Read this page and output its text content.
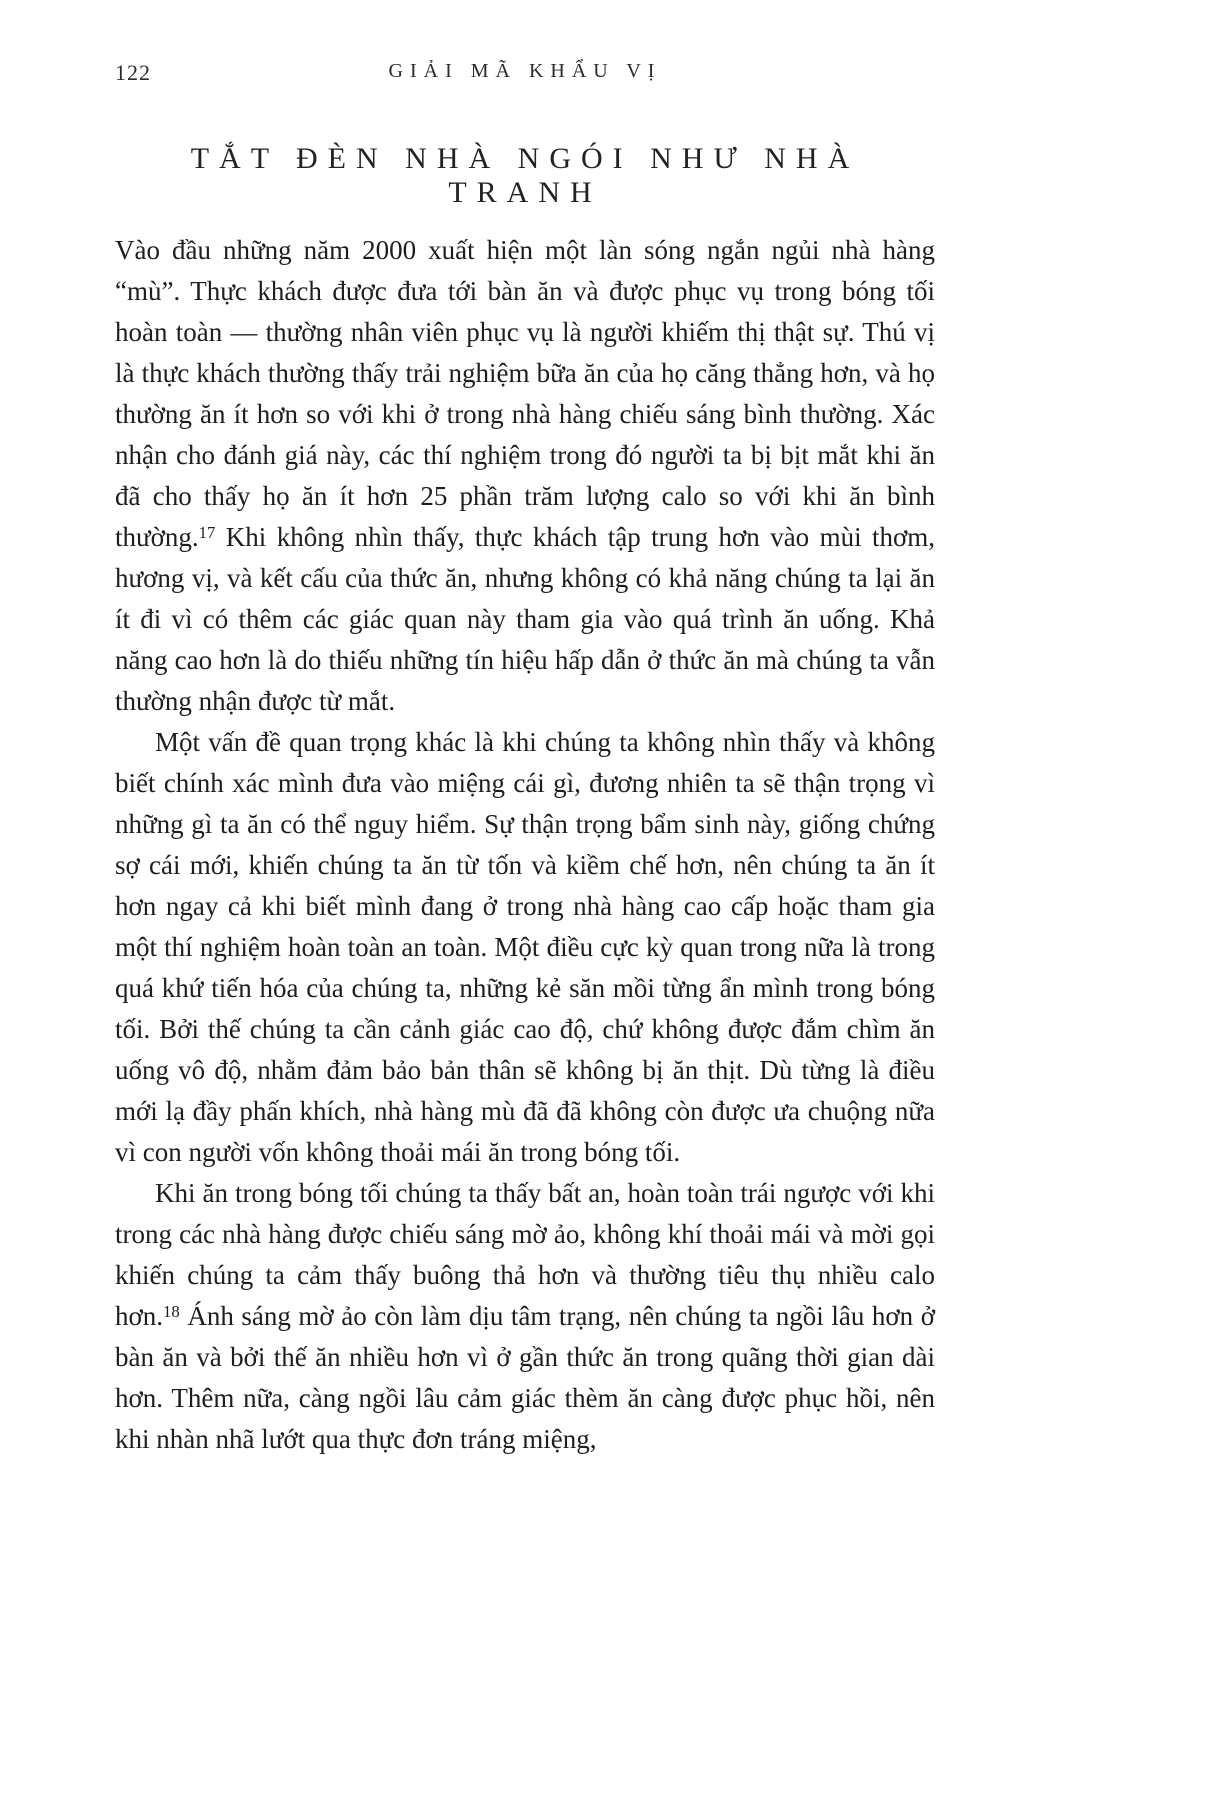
122	GIẢI MÃ KHẨU VỊ
TẮT ĐÈN NHÀ NGÓI NHƯ NHÀ TRANH

Vào đầu những năm 2000 xuất hiện một làn sóng ngắn ngủi nhà hàng “mù”. Thực khách được đưa tới bàn ăn và được phục vụ trong bóng tối hoàn toàn — thường nhân viên phục vụ là người khiếm thị thật sự. Thú vị là thực khách thường thấy trải nghiệm bữa ăn của họ căng thẳng hơn, và họ thường ăn ít hơn so với khi ở trong nhà hàng chiếu sáng bình thường. Xác nhận cho đánh giá này, các thí nghiệm trong đó người ta bị bịt mắt khi ăn đã cho thấy họ ăn ít hơn 25 phần trăm lượng calo so với khi ăn bình thường.$^{17}$ Khi không nhìn thấy, thực khách tập trung hơn vào mùi thơm, hương vị, và kết cấu của thức ăn, nhưng không có khả năng chúng ta lại ăn ít đi vì có thêm các giác quan này tham gia vào quá trình ăn uống. Khả năng cao hơn là do thiếu những tín hiệu hấp dẫn ở thức ăn mà chúng ta vẫn thường nhận được từ mắt.

Một vấn đề quan trọng khác là khi chúng ta không nhìn thấy và không biết chính xác mình đưa vào miệng cái gì, đương nhiên ta sẽ thận trọng vì những gì ta ăn có thể nguy hiểm. Sự thận trọng bẩm sinh này, giống chứng sợ cái mới, khiến chúng ta ăn từ tốn và kiềm chế hơn, nên chúng ta ăn ít hơn ngay cả khi biết mình đang ở trong nhà hàng cao cấp hoặc tham gia một thí nghiệm hoàn toàn an toàn. Một điều cực kỳ quan trong nữa là trong quá khứ tiến hóa của chúng ta, những kẻ săn mồi từng ẩn mình trong bóng tối. Bởi thế chúng ta cần cảnh giác cao độ, chứ không được đắm chìm ăn uống vô độ, nhằm đảm bảo bản thân sẽ không bị ăn thịt. Dù từng là điều mới lạ đầy phấn khích, nhà hàng mù đã đã không còn được ưa chuộng nữa vì con người vốn không thoải mái ăn trong bóng tối.

Khi ăn trong bóng tối chúng ta thấy bất an, hoàn toàn trái ngược với khi trong các nhà hàng được chiếu sáng mờ ảo, không khí thoải mái và mời gọi khiến chúng ta cảm thấy buông thả hơn và thường tiêu thụ nhiều calo hơn.$^{18}$ Ánh sáng mờ ảo còn làm dịu tâm trạng, nên chúng ta ngồi lâu hơn ở bàn ăn và bởi thế ăn nhiều hơn vì ở gần thức ăn trong quãng thời gian dài hơn. Thêm nữa, càng ngồi lâu cảm giác thèm ăn càng được phục hồi, nên khi nhàn nhã lướt qua thực đơn tráng miệng,
